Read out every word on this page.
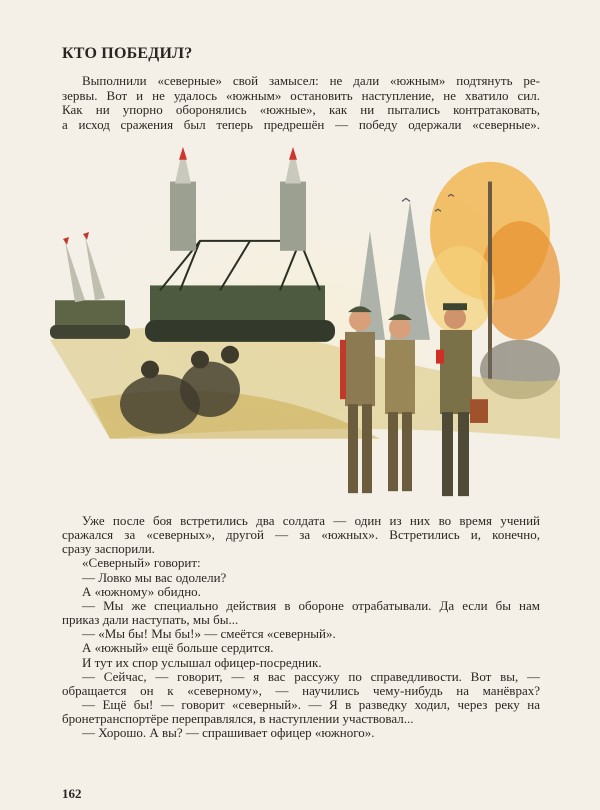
КТО ПОБЕДИЛ?
Выполнили «северные» свой замысел: не дали «южным» подтянуть ре-
зервы. Вот и не удалось «южным» остановить наступление, не хватило сил.
Как ни упорно оборонялись «южные», как ни пытались контратаковать,
а исход сражения был теперь предрешён — победу одержали «северные».
Уже после боя встретились два солдата — один из них во время учений
сражался за «северных», другой — за «южных». Встретились и, конечно,
сразу заспорили.
«Северный» говорит:
— Ловко мы вас одолели?
А «южному» обидно.
— Мы же специально действия в обороне отрабатывали. Да если бы нам
приказ дали наступать, мы бы...
— «Мы бы! Мы бы!» — смеётся «северный».
А «южный» ещё больше сердится.
И тут их спор услышал офицер-посредник.
— Сейчас, — говорит, — я вас рассужу по справедливости. Вот вы, —
обращается он к «северному», — научились чему-нибудь на манёврах?
— Ещё бы! — говорит «северный». — Я в разведку ходил, через реку на
бронетранспортёре переправлялся, в наступлении участвовал...
— Хорошо. А вы? — спрашивает офицер «южного».
162
